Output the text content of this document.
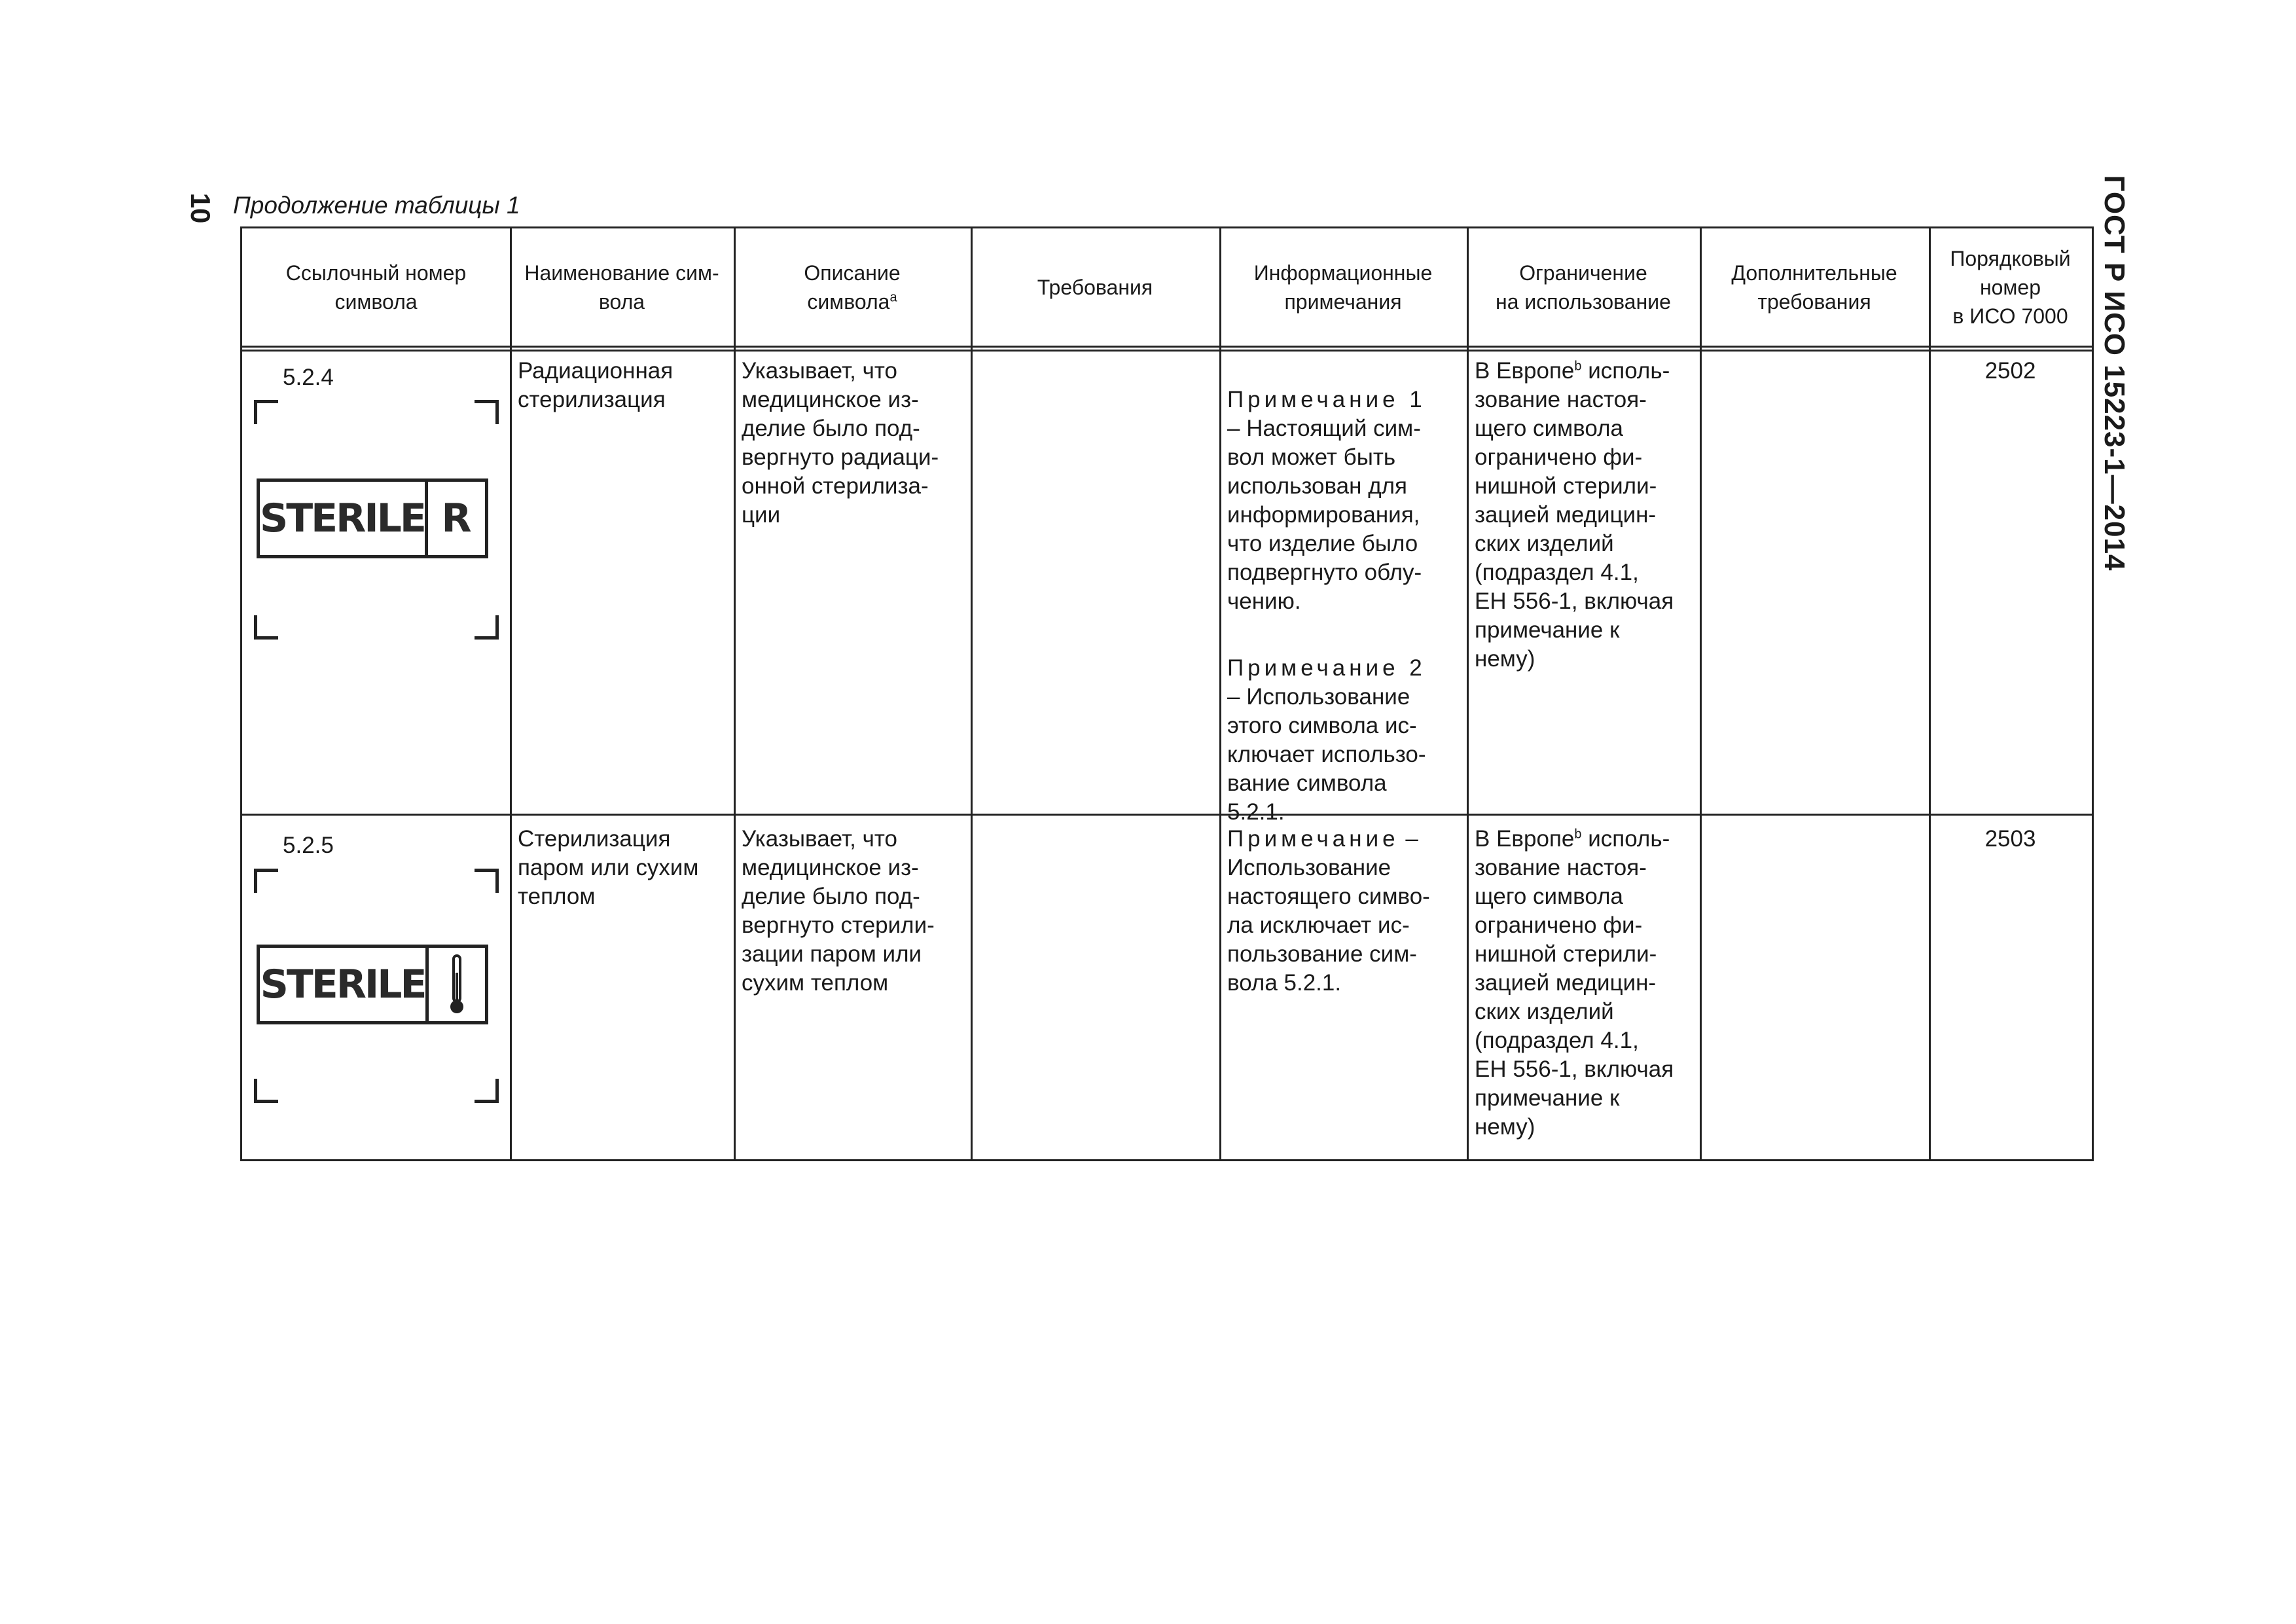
10	ГОСТ Р ИСО 15223-1—2014
Продолжение таблицы 1
Ссылочный номер
символа
Наименование сим-
вола
Описание
символа$^a$	Требования
Информационные
примечания
Ограничение
на использование
Дополнительные
требования
Порядковый
номер
в ИСО 7000
5.2.4
STERILE R
Радиационная
стерилизация
Указывает, что
медицинское из-
делие было под-
вергнуто радиаци-
онной стерилиза-
ции

Примечание 1
– Настоящий сим-
вол может быть
использован для
информирования,
что изделие было
подвергнуто облу-
чению.

Примечание 2
– Использование
этого символа ис-
ключает использо-
вание символа
5.2.1.

В Европе$^b$ исполь-
зование настоя-
щего символа
ограничено фи-
нишной стерили-
зацией медицин-
ских изделий
(подраздел 4.1,
ЕН 556-1, включая
примечание к
нему)
2502
5.2.5
STERILE
Стерилизация
паром или сухим
теплом
Указывает, что
медицинское из-
делие было под-
вергнуто стерили-
зации паром или
сухим теплом
Примечание –
Использование
настоящего симво-
ла исключает ис-
пользование сим-
вола 5.2.1.
В Европе$^b$ исполь-
зование настоя-
щего символа
ограничено фи-
нишной стерили-
зацией медицин-
ских изделий
(подраздел 4.1,
ЕН 556-1, включая
примечание к
нему)
2503
